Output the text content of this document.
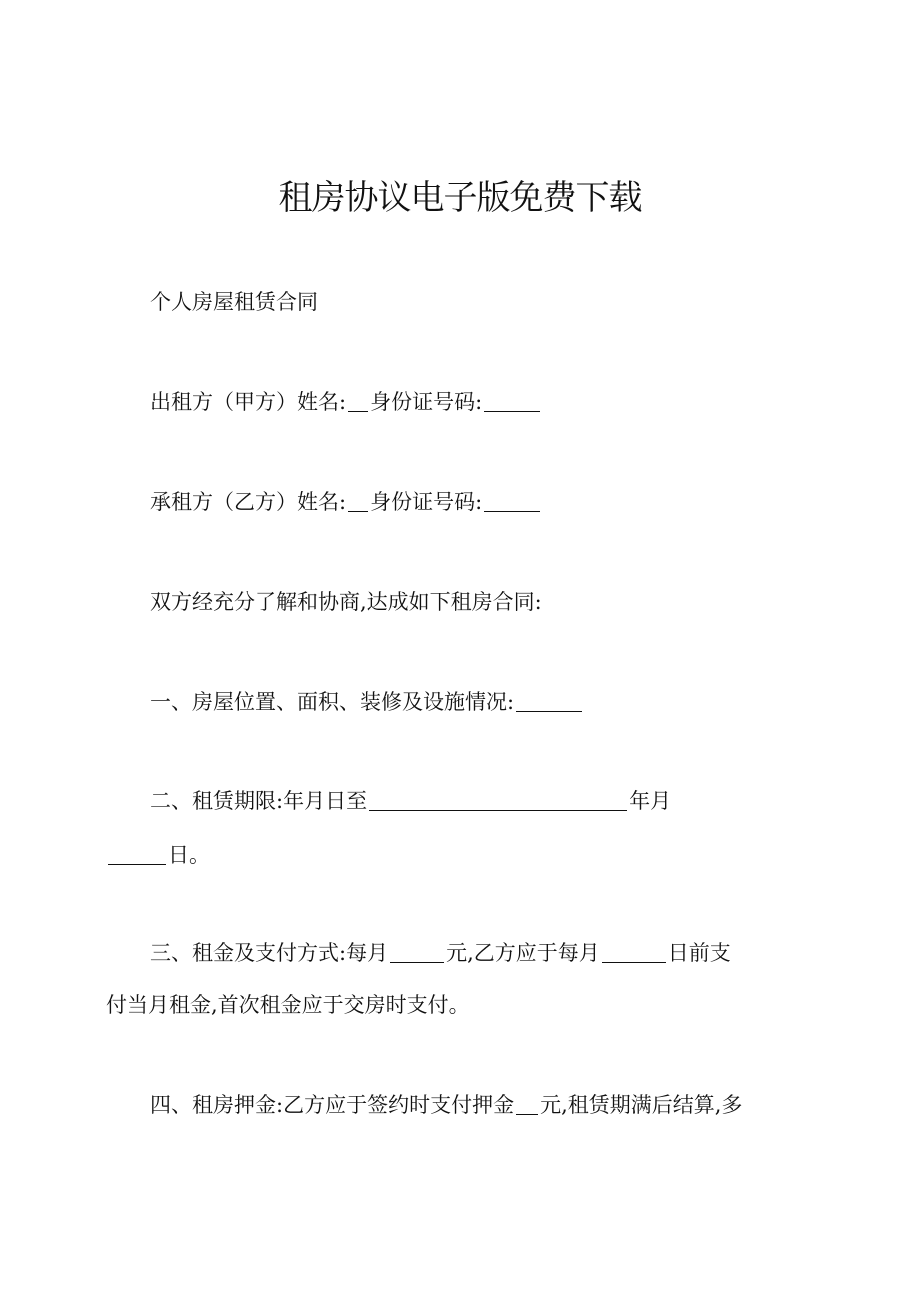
租房协议电子版免费下载
个人房屋租赁合同
出租方（甲方）姓名: 身份证号码:
承租方（乙方）姓名: 身份证号码:
双方经充分了解和协商,达成如下租房合同:
一、房屋位置、面积、装修及设施情况:
二、租赁期限:年月日至	年月
日。
三、租金及支付方式:每月	元,乙方应于每月	日前支
付当月租金,首次租金应于交房时支付。
四、租房押金:乙方应于签约时支付押金 元,租赁期满后结算,多
